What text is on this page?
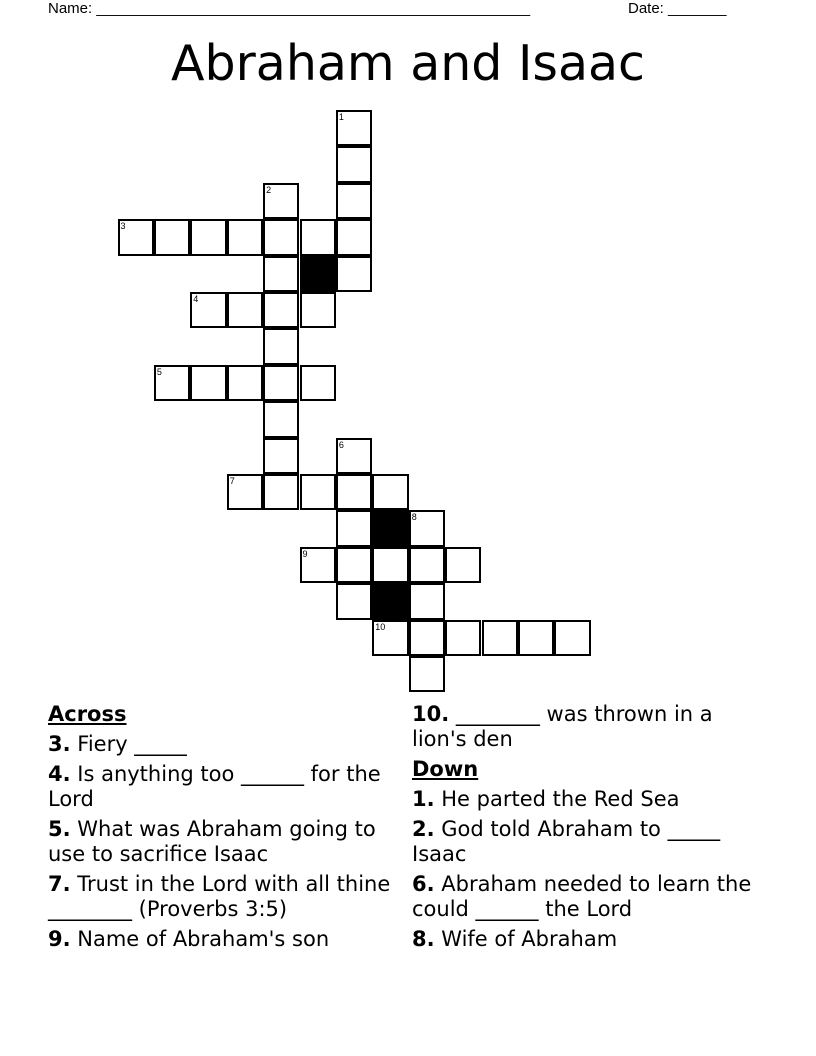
Name: ____________________________________________________	Date: _______
Abraham and Isaac
1
2
3
4
5
6
7
8
9
10
Across
3. Fiery _____
4. Is anything too ______ for the Lord
5. What was Abraham going to use to sacrifice Isaac
7. Trust in the Lord with all thine ________ (Proverbs 3:5)
9. Name of Abraham's son
10. ________ was thrown in a lion's den
Down
1. He parted the Red Sea
2. God told Abraham to _____ Isaac
6. Abraham needed to learn the could ______ the Lord
8. Wife of Abraham
